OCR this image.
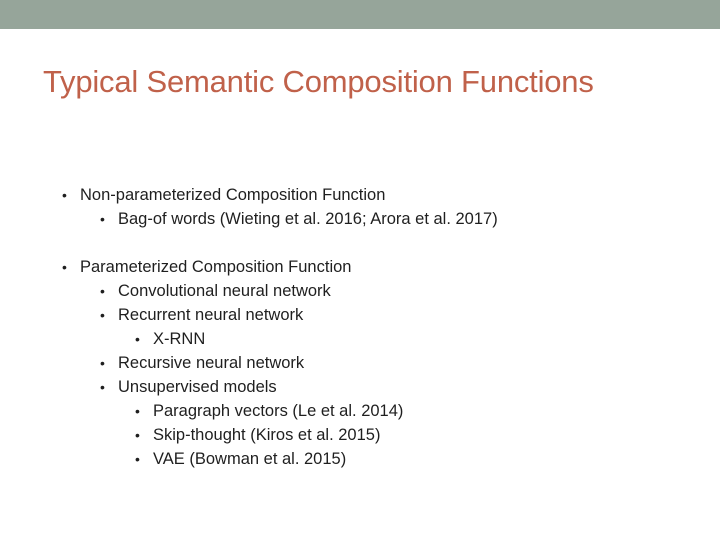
Typical Semantic Composition Functions
• Non-parameterized Composition Function
• Bag-of words (Wieting et al. 2016; Arora et al. 2017)
• Parameterized Composition Function
• Convolutional neural network
• Recurrent neural network
• X-RNN
• Recursive neural network
• Unsupervised models
• Paragraph vectors (Le et al. 2014)
• Skip-thought (Kiros et al. 2015)
• VAE (Bowman et al. 2015)
